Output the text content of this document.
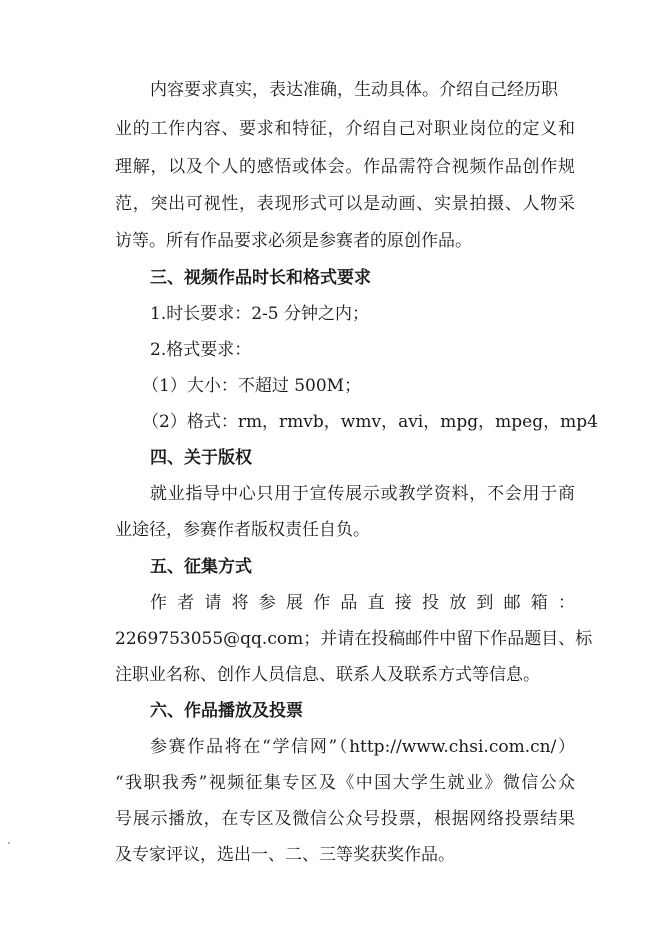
内容要求真实，表达准确，生动具体。介绍自己经历职
业的工作内容、要求和特征，介绍自己对职业岗位的定义和
理解，以及个人的感悟或体会。作品需符合视频作品创作规
范，突出可视性，表现形式可以是动画、实景拍摄、人物采
访等。所有作品要求必须是参赛者的原创作品。
三、视频作品时长和格式要求
1.时长要求：2-5 分钟之内；
2.格式要求：
（1）大小：不超过 500M；
（2）格式：rm，rmvb，wmv，avi，mpg，mpeg，mp4
四、关于版权
就业指导中心只用于宣传展示或教学资料，不会用于商
业途径，参赛作者版权责任自负。
五、征集方式
作者请将参展作品直接投放到邮箱：
2269753055@qq.com；并请在投稿邮件中留下作品题目、标
注职业名称、创作人员信息、联系人及联系方式等信息。
六、作品播放及投票
参赛作品将在“学信网”（http://www.chsi.com.cn/）
“我职我秀”视频征集专区及《中国大学生就业》微信公众
号展示播放，在专区及微信公众号投票，根据网络投票结果
及专家评议，选出一、二、三等奖获奖作品。
